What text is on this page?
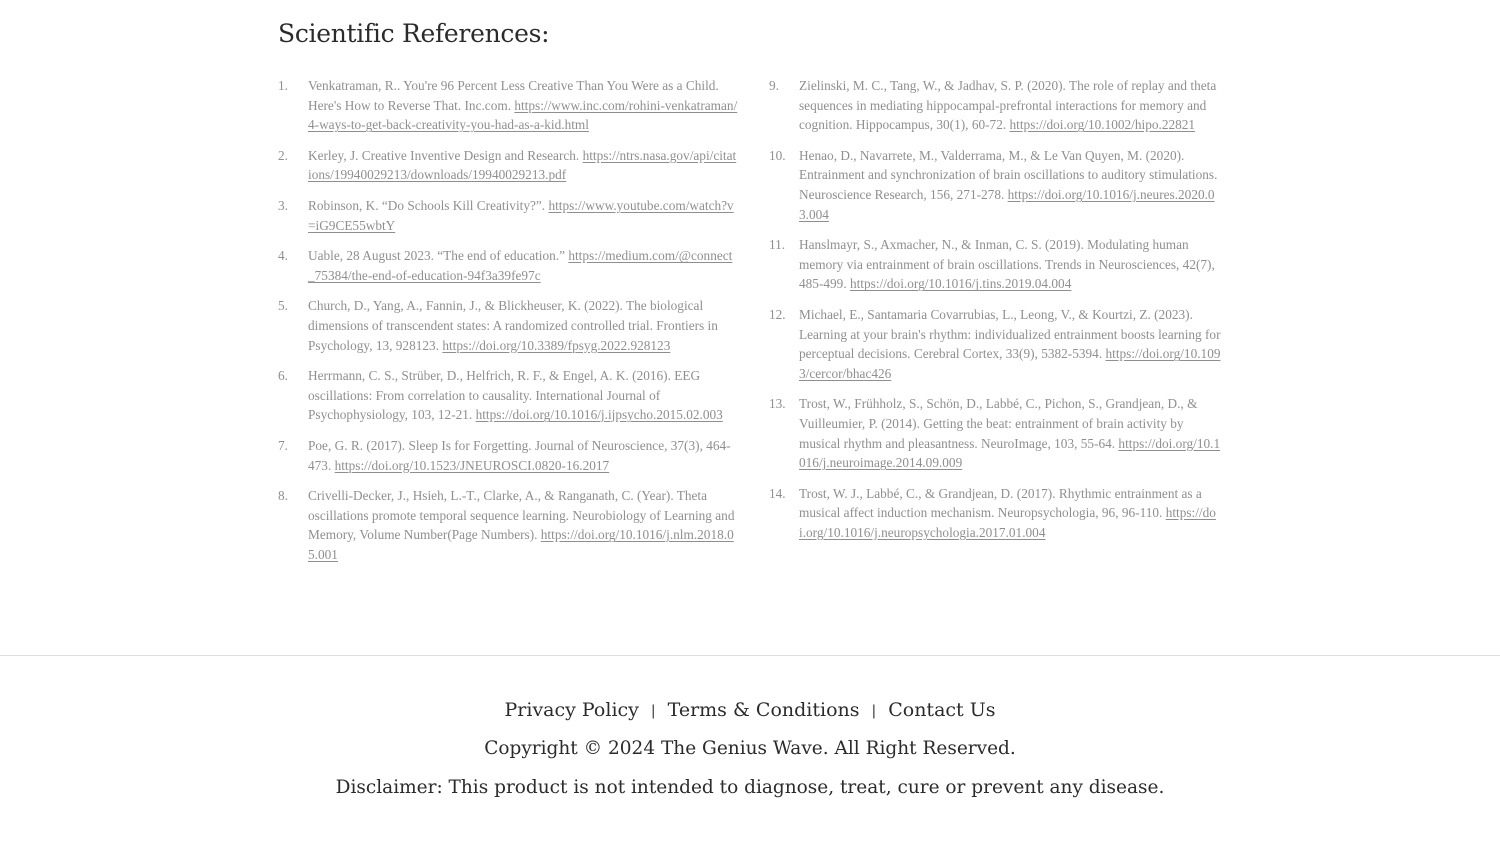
Scientific References:
1. Venkatraman, R.. You're 96 Percent Less Creative Than You Were as a Child. Here's How to Reverse That. Inc.com. https://www.inc.com/rohini-venkatraman/4-ways-to-get-back-creativity-you-had-as-a-kid.html
2. Kerley, J. Creative Inventive Design and Research. https://ntrs.nasa.gov/api/citations/19940029213/downloads/19940029213.pdf
3. Robinson, K. “Do Schools Kill Creativity?”. https://www.youtube.com/watch?v=iG9CE55wbtY
4. Uable, 28 August 2023. “The end of education.” https://medium.com/@connect_75384/the-end-of-education-94f3a39fe97c
5. Church, D., Yang, A., Fannin, J., & Blickheuser, K. (2022). The biological dimensions of transcendent states: A randomized controlled trial. Frontiers in Psychology, 13, 928123. https://doi.org/10.3389/fpsyg.2022.928123
6. Herrmann, C. S., Strüber, D., Helfrich, R. F., & Engel, A. K. (2016). EEG oscillations: From correlation to causality. International Journal of Psychophysiology, 103, 12-21. https://doi.org/10.1016/j.ijpsycho.2015.02.003
7. Poe, G. R. (2017). Sleep Is for Forgetting. Journal of Neuroscience, 37(3), 464-473. https://doi.org/10.1523/JNEUROSCI.0820-16.2017
8. Crivelli-Decker, J., Hsieh, L.-T., Clarke, A., & Ranganath, C. (Year). Theta oscillations promote temporal sequence learning. Neurobiology of Learning and Memory, Volume Number(Page Numbers). https://doi.org/10.1016/j.nlm.2018.05.001
9. Zielinski, M. C., Tang, W., & Jadhav, S. P. (2020). The role of replay and theta sequences in mediating hippocampal-prefrontal interactions for memory and cognition. Hippocampus, 30(1), 60-72. https://doi.org/10.1002/hipo.22821
10. Henao, D., Navarrete, M., Valderrama, M., & Le Van Quyen, M. (2020). Entrainment and synchronization of brain oscillations to auditory stimulations. Neuroscience Research, 156, 271-278. https://doi.org/10.1016/j.neures.2020.03.004
11. Hanslmayr, S., Axmacher, N., & Inman, C. S. (2019). Modulating human memory via entrainment of brain oscillations. Trends in Neurosciences, 42(7), 485-499. https://doi.org/10.1016/j.tins.2019.04.004
12. Michael, E., Santamaria Covarrubias, L., Leong, V., & Kourtzi, Z. (2023). Learning at your brain's rhythm: individualized entrainment boosts learning for perceptual decisions. Cerebral Cortex, 33(9), 5382-5394. https://doi.org/10.1093/cercor/bhac426
13. Trost, W., Frühholz, S., Schön, D., Labbé, C., Pichon, S., Grandjean, D., & Vuilleumier, P. (2014). Getting the beat: entrainment of brain activity by musical rhythm and pleasantness. NeuroImage, 103, 55-64. https://doi.org/10.1016/j.neuroimage.2014.09.009
14. Trost, W. J., Labbé, C., & Grandjean, D. (2017). Rhythmic entrainment as a musical affect induction mechanism. Neuropsychologia, 96, 96-110. https://doi.org/10.1016/j.neuropsychologia.2017.01.004
Privacy Policy | Terms & Conditions | Contact Us
Copyright © 2024 The Genius Wave. All Right Reserved.
Disclaimer: This product is not intended to diagnose, treat, cure or prevent any disease.
